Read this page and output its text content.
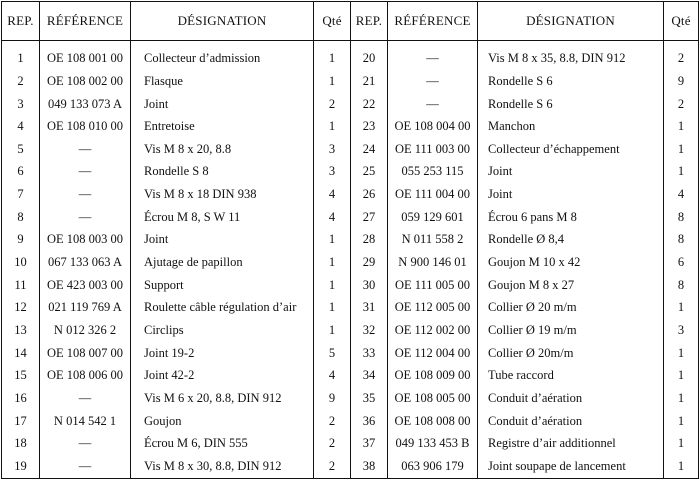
REP.	RÉFÉRENCE	DÉSIGNATION	Qté	REP.	RÉFÉRENCE	DÉSIGNATION	Qté
1	OE 108 001 00	Collecteur d’admission	1	20	—	Vis M 8 x 35, 8.8, DIN 912	2
2	OE 108 002 00	Flasque	1	21	—	Rondelle S 6	9
3	049 133 073 A	Joint	2	22	—	Rondelle S 6	2
4	OE 108 010 00	Entretoise	1	23	OE 108 004 00	Manchon	1
5	—	Vis M 8 x 20, 8.8	3	24	OE 111 003 00	Collecteur d’échappement	1
6	—	Rondelle S 8	3	25	055 253 115	Joint	1
7	—	Vis M 8 x 18 DIN 938	4	26	OE 111 004 00	Joint	4
8	—	Écrou M 8, S W 11	4	27	059 129 601	Écrou 6 pans M 8	8
9	OE 108 003 00	Joint	1	28	N 011 558 2	Rondelle Ø 8,4	8
10	067 133 063 A	Ajutage de papillon	1	29	N 900 146 01	Goujon M 10 x 42	6
11	OE 423 003 00	Support	1	30	OE 111 005 00	Goujon M 8 x 27	8
12	021 119 769 A	Roulette câble régulation d’air	1	31	OE 112 005 00	Collier Ø 20 m/m	1
13	N 012 326 2	Circlips	1	32	OE 112 002 00	Collier Ø 19 m/m	3
14	OE 108 007 00	Joint 19-2	5	33	OE 112 004 00	Collier Ø 20m/m	1
15	OE 108 006 00	Joint 42-2	4	34	OE 108 009 00	Tube raccord	1
16	—	Vis M 6 x 20, 8.8, DIN 912	9	35	OE 108 005 00	Conduit d’aération	1
17	N 014 542 1	Goujon	2	36	OE 108 008 00	Conduit d’aération	1
18	—	Écrou M 6, DIN 555	2	37	049 133 453 B	Registre d’air additionnel	1
19	—	Vis M 8 x 30, 8.8, DIN 912	2	38	063 906 179	Joint soupape de lancement	1
